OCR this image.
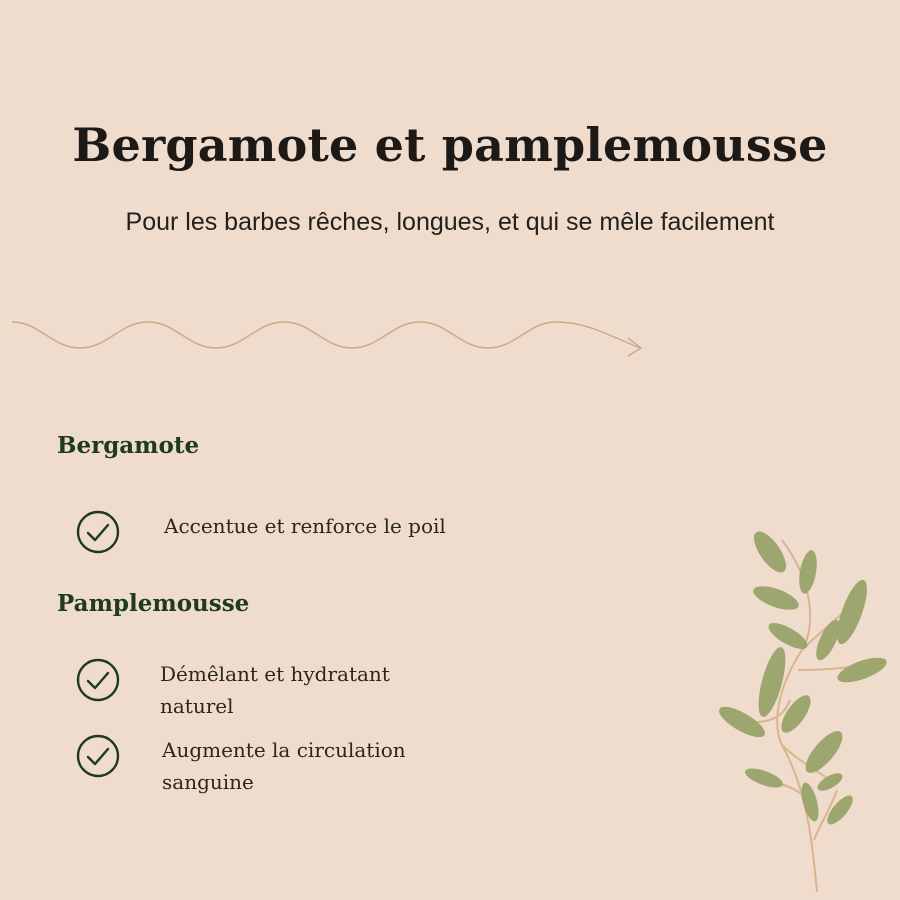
Bergamote et pamplemousse
Pour les barbes rêches, longues, et qui se mêle facilement
Bergamote
Accentue et renforce le poil
Pamplemousse
Démêlant et hydratant naturel
Augmente la circulation sanguine
